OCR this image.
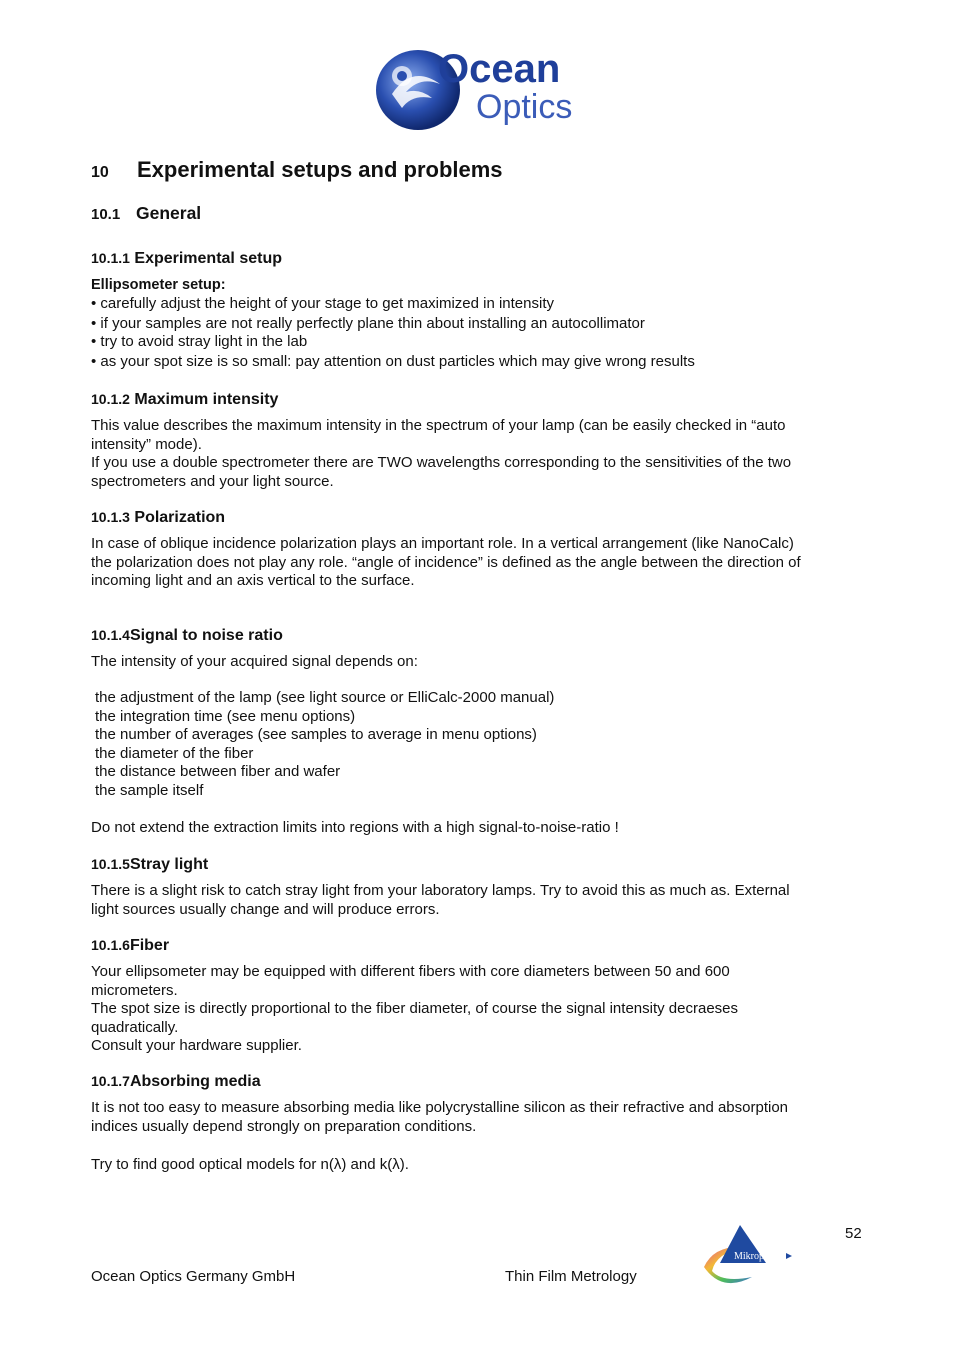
Ocean
Optics
10 Experimental setups and problems
10.1 General
10.1.1 Experimental setup
Ellipsometer setup:
• carefully adjust the height of your stage to get maximized in intensity
• if your samples are not really perfectly plane thin about installing an autocollimator
• try to avoid stray light in the lab
• as your spot size is so small: pay attention on dust particles which may give wrong results
10.1.2 Maximum intensity
This value describes the maximum intensity in the spectrum of your lamp (can be easily checked in “auto
intensity” mode).
If you use a double spectrometer there are TWO wavelengths corresponding to the sensitivities of the two
spectrometers and your light source.
10.1.3 Polarization
In case of oblique incidence polarization plays an important role. In a vertical arrangement (like NanoCalc)
the polarization does not play any role. “angle of incidence” is defined as the angle between the direction of
incoming light and an axis vertical to the surface.
10.1.4Signal to noise ratio
The intensity of your acquired signal depends on:
the adjustment of the lamp (see light source or ElliCalc-2000 manual)
the integration time (see menu options)
the number of averages (see samples to average in menu options)
the diameter of the fiber
the distance between fiber and wafer
the sample itself
Do not extend the extraction limits into regions with a high signal-to-noise-ratio !
10.1.5Stray light
There is a slight risk to catch stray light from your laboratory lamps. Try to avoid this as much as. External
light sources usually change and will produce errors.
10.1.6Fiber
Your ellipsometer may be equipped with different fibers with core diameters between 50 and 600
micrometers.
The spot size is directly proportional to the fiber diameter, of course the signal intensity decraeses
quadratically.
Consult your hardware supplier.
10.1.7Absorbing media
It is not too easy to measure absorbing media like polycrystalline silicon as their refractive and absorption
indices usually depend strongly on preparation conditions.
Try to find good optical models for n(λ) and k(λ).
52
Ocean Optics Germany GmbH	Thin Film Metrology
Mikropack
